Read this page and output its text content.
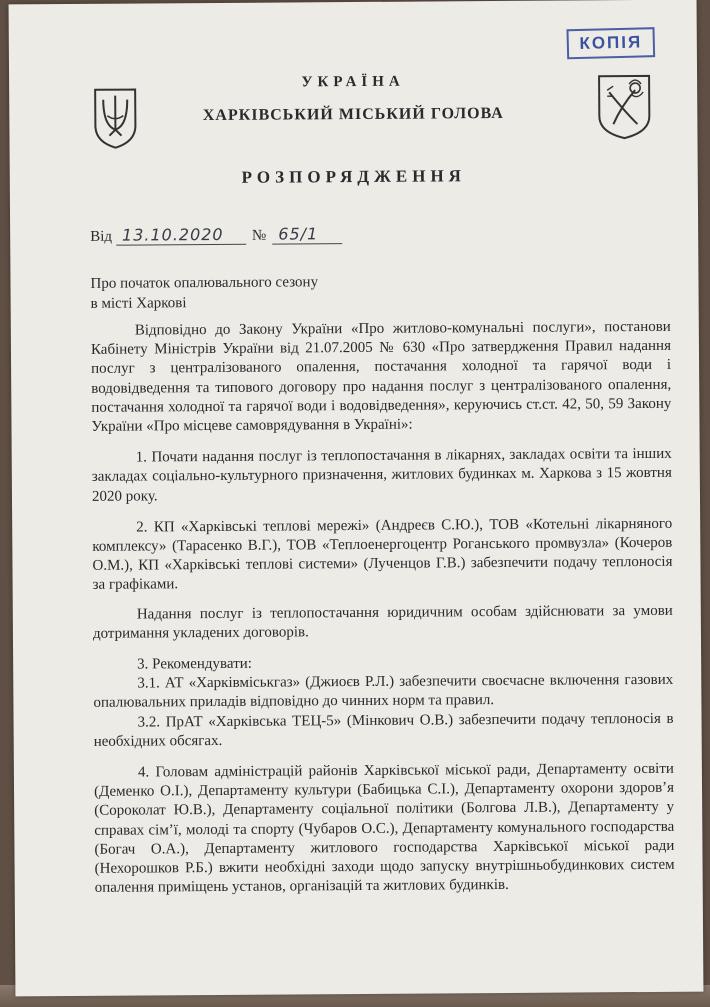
КОПІЯ
УКРАЇНА
ХАРКІВСЬКИЙ МІСЬКИЙ ГОЛОВА
РОЗПОРЯДЖЕННЯ
Від 13.10.2020	№ 65/1
Про початок опалювального сезону
в місті Харкові

Відповідно до Закону України «Про житлово-комунальні послуги», постанови Кабінету Міністрів України від 21.07.2005 № 630 «Про затвердження Правил надання послуг з централізованого опалення, постачання холодної та гарячої води і водовідведення та типового договору про надання послуг з централізованого опалення, постачання холодної та гарячої води і водовідведення», керуючись ст.ст. 42, 50, 59 Закону України «Про місцеве самоврядування в Україні»:

1. Почати надання послуг із теплопостачання в лікарнях, закладах освіти та інших закладах соціально-культурного призначення, житлових будинках м. Харкова з 15 жовтня 2020 року.

2. КП «Харківські теплові мережі» (Андреєв С.Ю.), ТОВ «Котельні лікарняного комплексу» (Тарасенко В.Г.), ТОВ «Теплоенергоцентр Роганського промвузла» (Кочеров О.М.), КП «Харківські теплові системи» (Лученцов Г.В.) забезпечити подачу теплоносія за графіками.

Надання послуг із теплопостачання юридичним особам здійснювати за умови дотримання укладених договорів.

3. Рекомендувати:

3.1. АТ «Харківміськгаз» (Джиоєв Р.Л.) забезпечити своєчасне включення газових опалювальних приладів відповідно до чинних норм та правил.

3.2. ПрАТ «Харківська ТЕЦ-5» (Мінкович О.В.) забезпечити подачу теплоносія в необхідних обсягах.

4. Головам адміністрацій районів Харківської міської ради, Департаменту освіти (Деменко О.І.), Департаменту культури (Бабицька С.І.), Департаменту охорони здоров’я (Сороколат Ю.В.), Департаменту соціальної політики (Болгова Л.В.), Департаменту у справах сім’ї, молоді та спорту (Чубаров О.С.), Департаменту комунального господарства (Богач О.А.), Департаменту житлового господарства Харківської міської ради (Нехорошков Р.Б.) вжити необхідні заходи щодо запуску внутрішньобудинкових систем опалення приміщень установ, організацій та житлових будинків.
